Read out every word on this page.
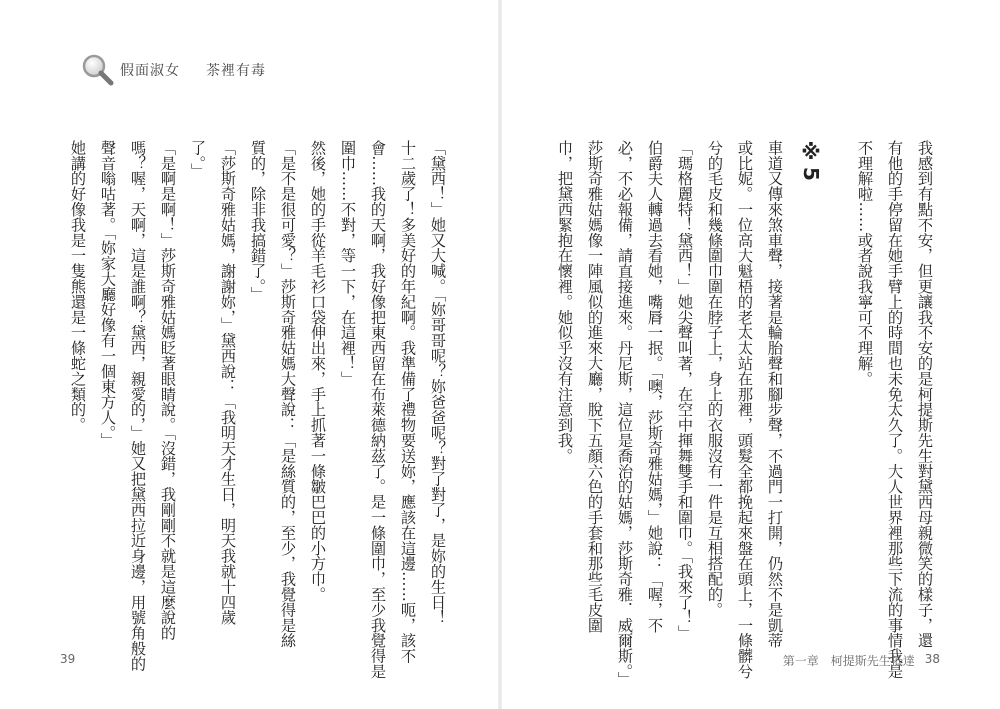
假面淑女 茶裡有毒
我感到有點不安，但更讓我不安的是柯提斯先生對黛西母親微笑的樣子，還
有他的手停留在她手臂上的時間也未免太久了。大人世界裡那些下流的事情我是
不理解啦……或者說我寧可不理解。
※5
車道又傳來煞車聲，接著是輪胎聲和腳步聲，不過門一打開，仍然不是凱蒂
或比妮。一位高大魁梧的老太太站在那裡，頭髮全都挽起來盤在頭上，一條髒兮
兮的毛皮和幾條圍巾圍在脖子上，身上的衣服沒有一件是互相搭配的。
「瑪格麗特！黛西！」她尖聲叫著，在空中揮舞雙手和圍巾。「我來了！」
伯爵夫人轉過去看她，嘴脣一抿。「噢，莎斯奇雅姑媽，」她說：「喔，不
必，不必報備，請直接進來。丹尼斯，這位是喬治的姑媽，莎斯奇雅．威爾斯。」
莎斯奇雅姑媽像一陣風似的進來大廳，脫下五顏六色的手套和那些毛皮圍
巾，把黛西緊抱在懷裡。她似乎沒有注意到我。
「黛西！」她又大喊。「妳哥哥呢？妳爸爸呢？對了對了，是妳的生日！
十二歲了！多美好的年紀啊。我準備了禮物要送妳，應該在這邊……呃，該不
會……我的天啊，我好像把東西留在布萊德納茲了。是一條圍巾，至少我覺得是
圍巾……不對，等一下，在這裡！」
然後，她的手從羊毛衫口袋伸出來，手上抓著一條皺巴巴的小方巾。
「是不是很可愛？」莎斯奇雅姑媽大聲說：「是絲質的，至少，我覺得是絲
質的，除非我搞錯了。」
「莎斯奇雅姑媽，謝謝妳，」黛西說：「我明天才生日，明天我就十四歲
了。」
「是啊是啊！」莎斯奇雅姑媽眨著眼睛說。「沒錯，我剛剛不就是這麼說的
嗎？喔，天啊，這是誰啊？黛西，親愛的，」她又把黛西拉近身邊，用號角般的
聲音嗡咕著。「妳家大廳好像有一個東方人。」
她講的好像我是一隻熊還是一條蛇之類的。
39	第一章　柯提斯先生抵達 38
